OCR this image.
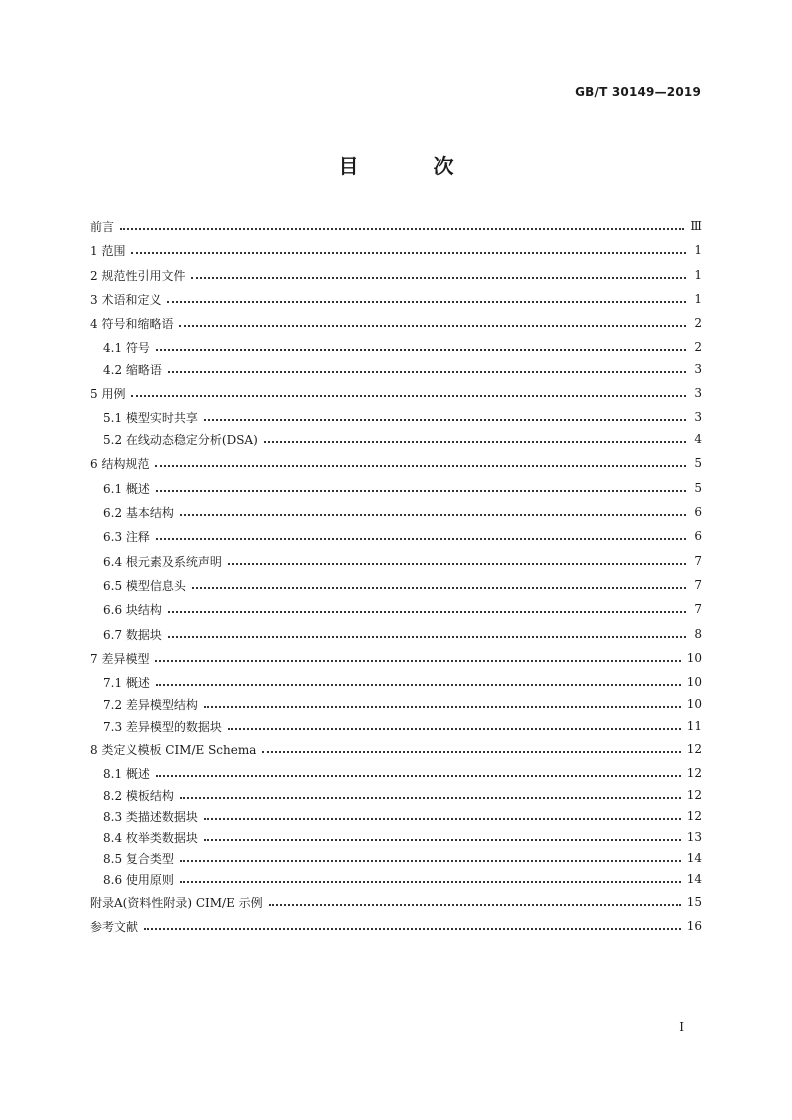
GB/T 30149—2019
目 次
前言	Ⅲ
1 范围	1
2 规范性引用文件	1
3 术语和定义	1
4 符号和缩略语	2
4.1 符号	2
4.2 缩略语	3
5 用例	3
5.1 模型实时共享	3
5.2 在线动态稳定分析(DSA)	4
6 结构规范	5
6.1 概述	5
6.2 基本结构	6
6.3 注释	6
6.4 根元素及系统声明	7
6.5 模型信息头	7
6.6 块结构	7
6.7 数据块	8
7 差异模型	10
7.1 概述	10
7.2 差异模型结构	10
7.3 差异模型的数据块	11
8 类定义模板 CIM/E Schema	12
8.1 概述	12
8.2 模板结构	12
8.3 类描述数据块	12
8.4 枚举类数据块	13
8.5 复合类型	14
8.6 使用原则	14
附录A(资料性附录) CIM/E 示例	15
参考文献	16
Ⅰ
